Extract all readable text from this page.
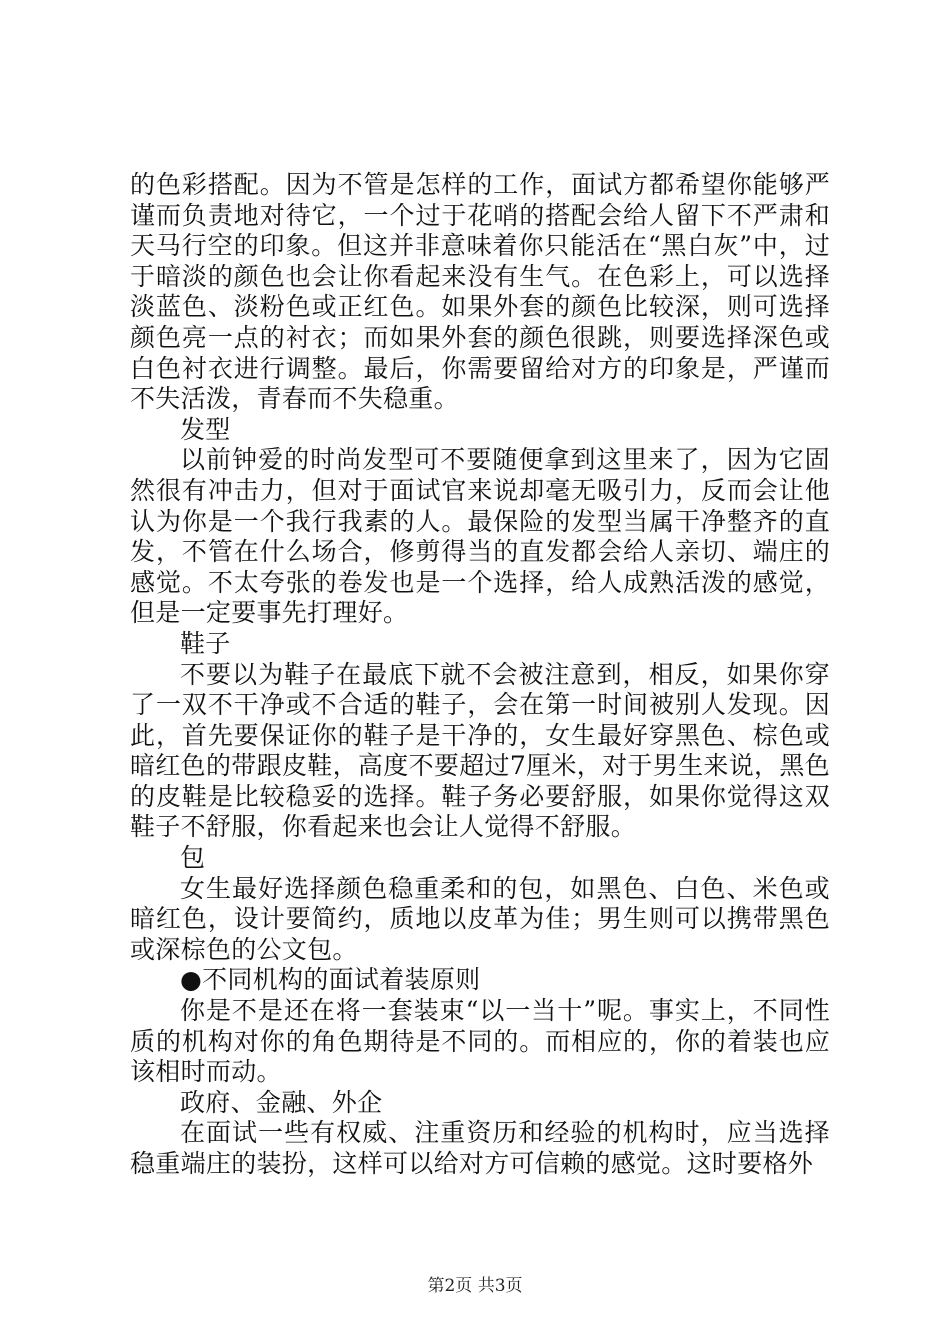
的色彩搭配。因为不管是怎样的工作，面试方都希望你能够严谨而负责地对待它，一个过于花哨的搭配会给人留下不严肃和天马行空的印象。但这并非意味着你只能活在“黑白灰”中，过于暗淡的颜色也会让你看起来没有生气。在色彩上，可以选择淡蓝色、淡粉色或正红色。如果外套的颜色比较深，则可选择颜色亮一点的衬衣；而如果外套的颜色很跳，则要选择深色或白色衬衣进行调整。最后，你需要留给对方的印象是，严谨而不失活泼，青春而不失稳重。

发型

以前钟爱的时尚发型可不要随便拿到这里来了，因为它固然很有冲击力，但对于面试官来说却毫无吸引力，反而会让他认为你是一个我行我素的人。最保险的发型当属干净整齐的直发，不管在什么场合，修剪得当的直发都会给人亲切、端庄的感觉。不太夸张的卷发也是一个选择，给人成熟活泼的感觉，但是一定要事先打理好。

鞋子

不要以为鞋子在最底下就不会被注意到，相反，如果你穿了一双不干净或不合适的鞋子，会在第一时间被别人发现。因此，首先要保证你的鞋子是干净的，女生最好穿黑色、棕色或暗红色的带跟皮鞋，高度不要超过7厘米，对于男生来说，黑色的皮鞋是比较稳妥的选择。鞋子务必要舒服，如果你觉得这双鞋子不舒服，你看起来也会让人觉得不舒服。

包

女生最好选择颜色稳重柔和的包，如黑色、白色、米色或暗红色，设计要简约，质地以皮革为佳；男生则可以携带黑色或深棕色的公文包。

●不同机构的面试着装原则

你是不是还在将一套装束“以一当十”呢。事实上，不同性质的机构对你的角色期待是不同的。而相应的，你的着装也应该相时而动。

政府、金融、外企

在面试一些有权威、注重资历和经验的机构时，应当选择稳重端庄的装扮，这样可以给对方可信赖的感觉。这时要格外

第2页 共3页
